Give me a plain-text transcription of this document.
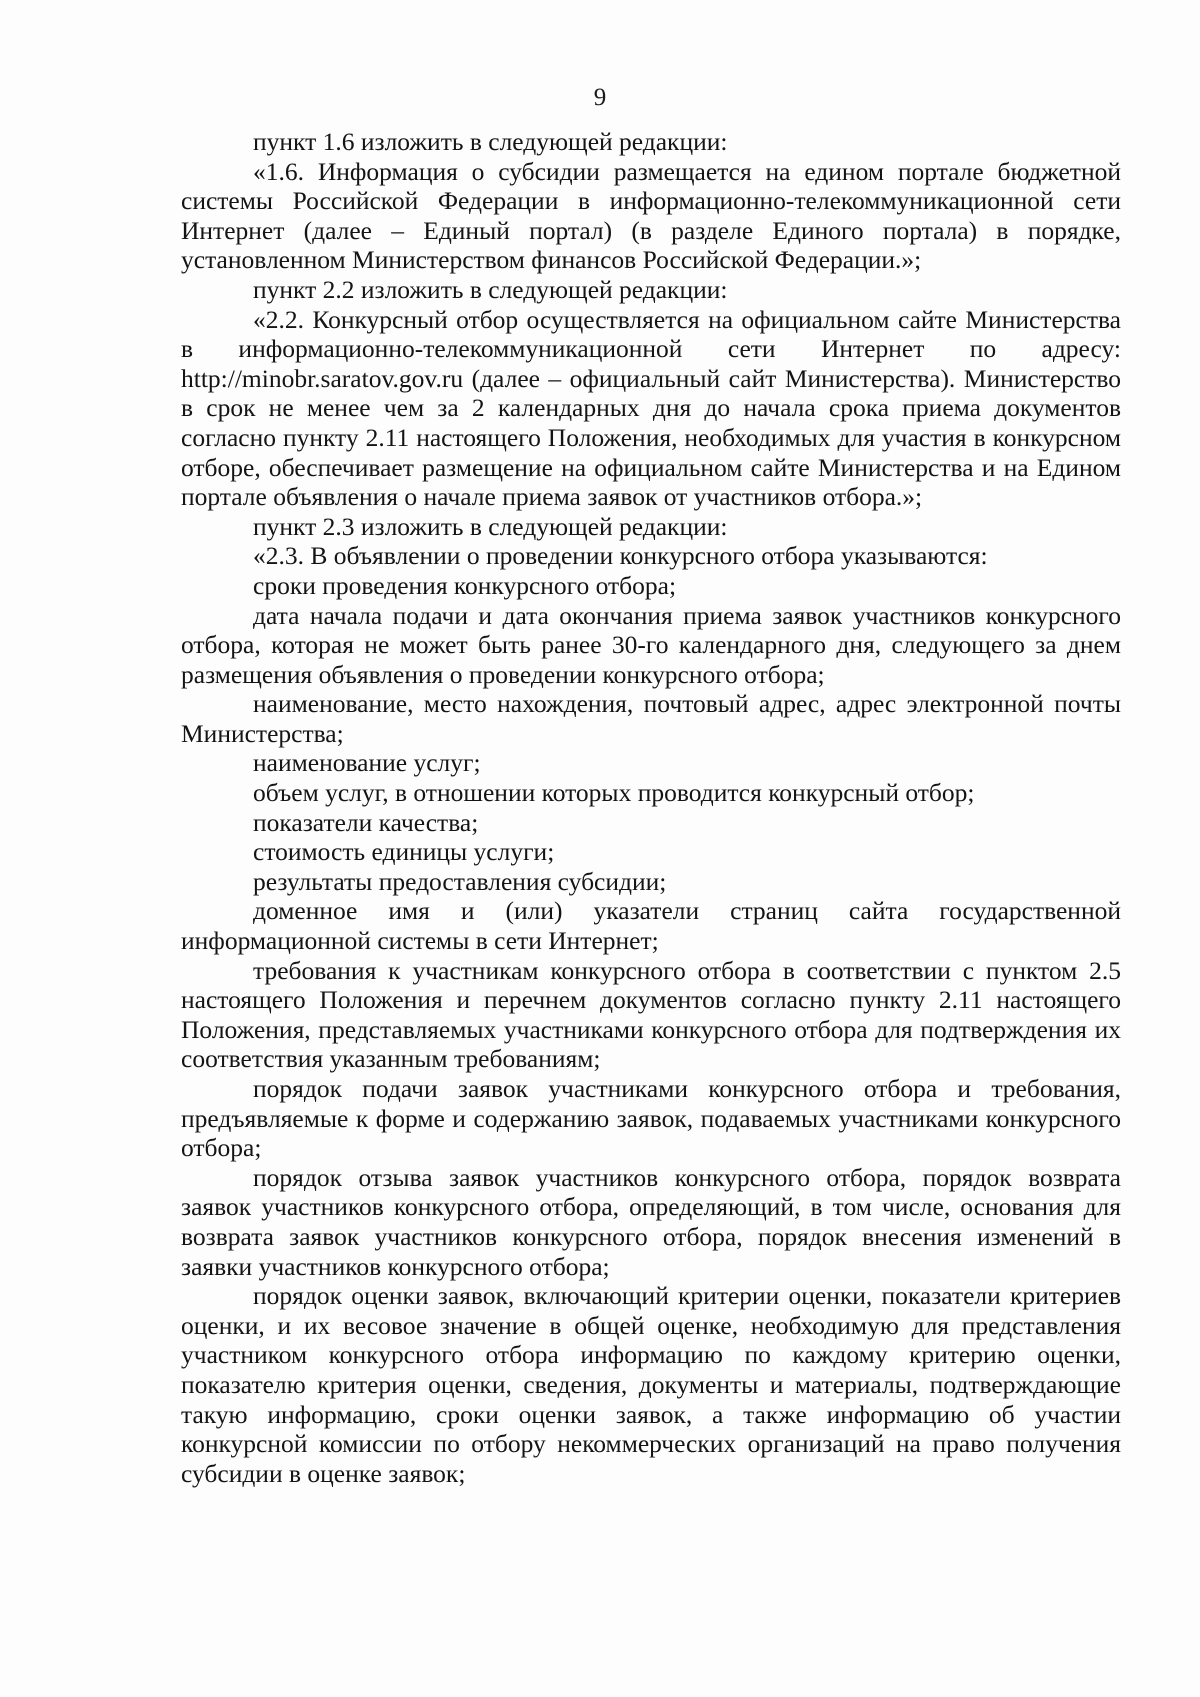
9

пункт 1.6 изложить в следующей редакции:

«1.6. Информация о субсидии размещается на едином портале бюджетной системы Российской Федерации в информационно-телекоммуникационной сети Интернет (далее – Единый портал) (в разделе Единого портала) в порядке, установленном Министерством финансов Российской Федерации.»;

пункт 2.2 изложить в следующей редакции:

«2.2. Конкурсный отбор осуществляется на официальном сайте Министерства в информационно-телекоммуникационной сети Интернет по адресу: http://minobr.saratov.gov.ru (далее – официальный сайт Министерства). Министерство в срок не менее чем за 2 календарных дня до начала срока приема документов согласно пункту 2.11 настоящего Положения, необходимых для участия в конкурсном отборе, обеспечивает размещение на официальном сайте Министерства и на Едином портале объявления о начале приема заявок от участников отбора.»;

пункт 2.3 изложить в следующей редакции:

«2.3. В объявлении о проведении конкурсного отбора указываются:

сроки проведения конкурсного отбора;

дата начала подачи и дата окончания приема заявок участников конкурсного отбора, которая не может быть ранее 30-го календарного дня, следующего за днем размещения объявления о проведении конкурсного отбора;

наименование, место нахождения, почтовый адрес, адрес электронной почты Министерства;

наименование услуг;

объем услуг, в отношении которых проводится конкурсный отбор;

показатели качества;

стоимость единицы услуги;

результаты предоставления субсидии;

доменное имя и (или) указатели страниц сайта государственной информационной системы в сети Интернет;

требования к участникам конкурсного отбора в соответствии с пунктом 2.5 настоящего Положения и перечнем документов согласно пункту 2.11 настоящего Положения, представляемых участниками конкурсного отбора для подтверждения их соответствия указанным требованиям;

порядок подачи заявок участниками конкурсного отбора и требования, предъявляемые к форме и содержанию заявок, подаваемых участниками конкурсного отбора;

порядок отзыва заявок участников конкурсного отбора, порядок возврата заявок участников конкурсного отбора, определяющий, в том числе, основания для возврата заявок участников конкурсного отбора, порядок внесения изменений в заявки участников конкурсного отбора;

порядок оценки заявок, включающий критерии оценки, показатели критериев оценки, и их весовое значение в общей оценке, необходимую для представления участником конкурсного отбора информацию по каждому критерию оценки, показателю критерия оценки, сведения, документы и материалы, подтверждающие такую информацию, сроки оценки заявок, а также информацию об участии конкурсной комиссии по отбору некоммерческих организаций на право получения субсидии в оценке заявок;
